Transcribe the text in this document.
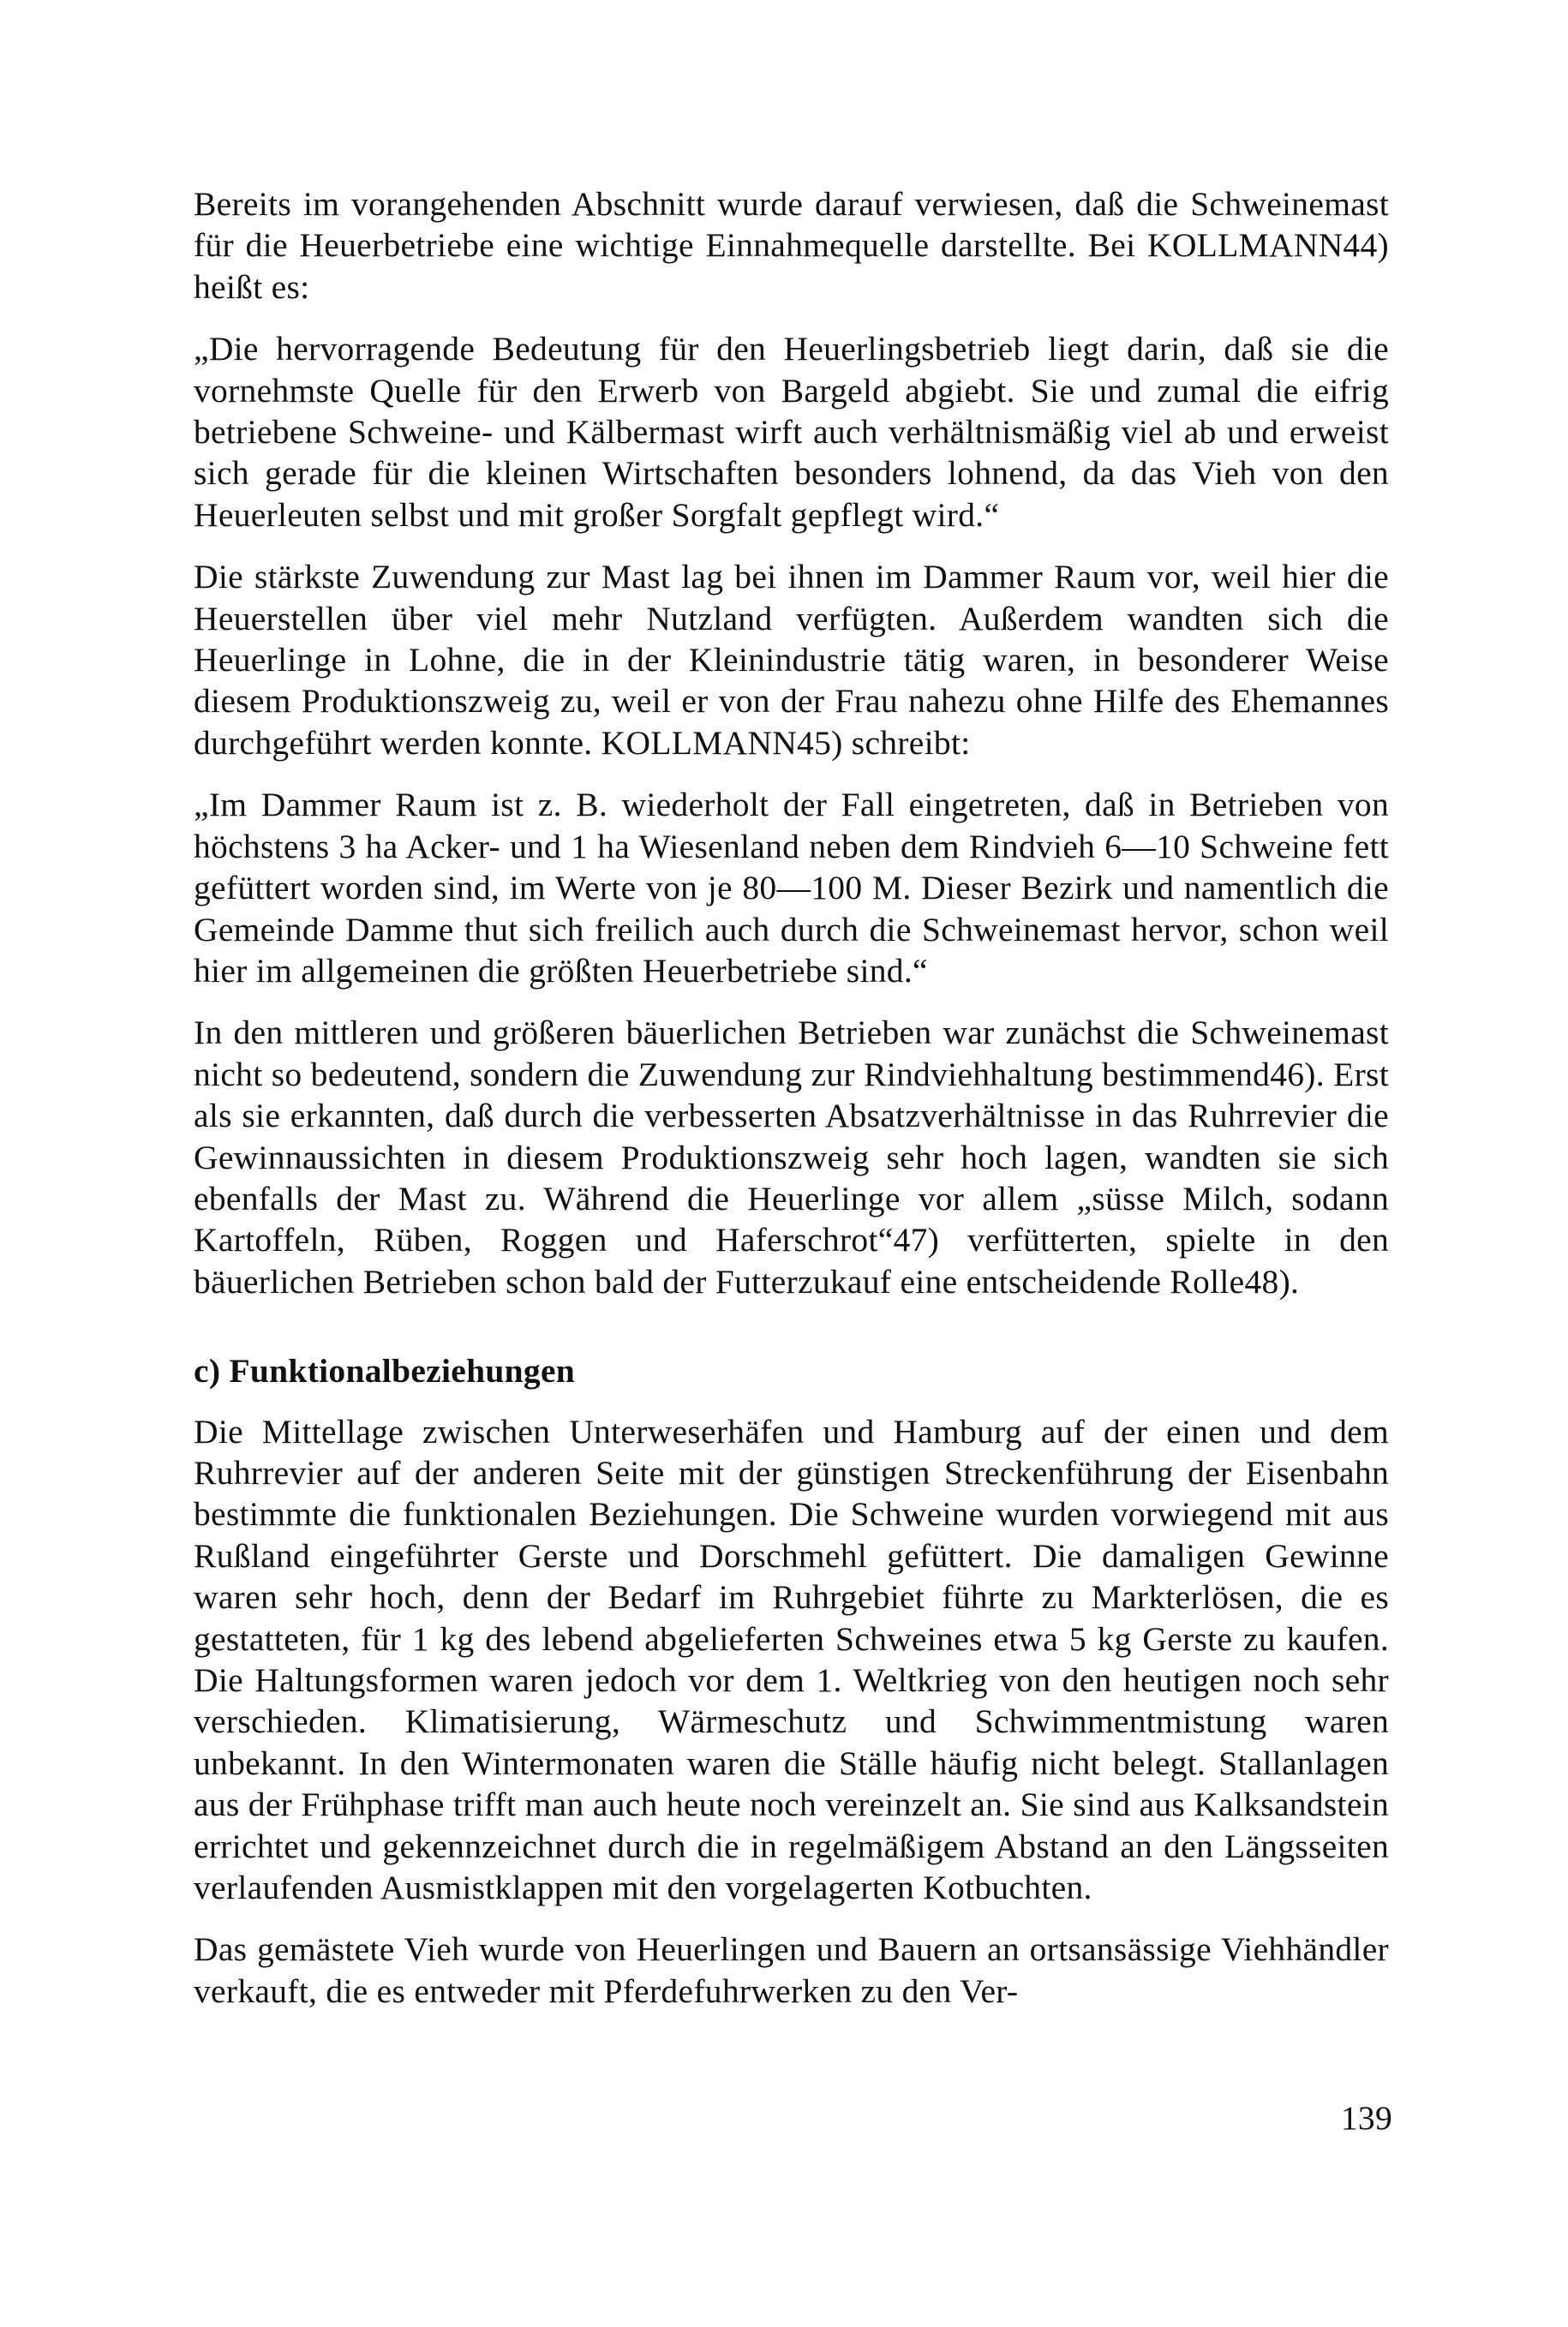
Bereits im vorangehenden Abschnitt wurde darauf verwiesen, daß die Schweinemast für die Heuerbetriebe eine wichtige Einnahmequelle darstellte. Bei KOLLMANN44) heißt es:

„Die hervorragende Bedeutung für den Heuerlingsbetrieb liegt darin, daß sie die vornehmste Quelle für den Erwerb von Bargeld abgiebt. Sie und zumal die eifrig betriebene Schweine- und Kälbermast wirft auch verhältnismäßig viel ab und erweist sich gerade für die kleinen Wirtschaften besonders lohnend, da das Vieh von den Heuerleuten selbst und mit großer Sorgfalt gepflegt wird.“

Die stärkste Zuwendung zur Mast lag bei ihnen im Dammer Raum vor, weil hier die Heuerstellen über viel mehr Nutzland verfügten. Außerdem wandten sich die Heuerlinge in Lohne, die in der Kleinindustrie tätig waren, in besonderer Weise diesem Produktionszweig zu, weil er von der Frau nahezu ohne Hilfe des Ehemannes durchgeführt werden konnte. KOLLMANN45) schreibt:

„Im Dammer Raum ist z. B. wiederholt der Fall eingetreten, daß in Betrieben von höchstens 3 ha Acker- und 1 ha Wiesenland neben dem Rindvieh 6—10 Schweine fett gefüttert worden sind, im Werte von je 80—100 M. Dieser Bezirk und namentlich die Gemeinde Damme thut sich freilich auch durch die Schweinemast hervor, schon weil hier im allgemeinen die größten Heuerbetriebe sind.“

In den mittleren und größeren bäuerlichen Betrieben war zunächst die Schweinemast nicht so bedeutend, sondern die Zuwendung zur Rindviehhaltung bestimmend46). Erst als sie erkannten, daß durch die verbesserten Absatzverhältnisse in das Ruhrrevier die Gewinnaussichten in diesem Produktionszweig sehr hoch lagen, wandten sie sich ebenfalls der Mast zu. Während die Heuerlinge vor allem „süsse Milch, sodann Kartoffeln, Rüben, Roggen und Haferschrot“47) verfütterten, spielte in den bäuerlichen Betrieben schon bald der Futterzukauf eine entscheidende Rolle48).

c) Funktionalbeziehungen

Die Mittellage zwischen Unterweserhäfen und Hamburg auf der einen und dem Ruhrrevier auf der anderen Seite mit der günstigen Streckenführung der Eisenbahn bestimmte die funktionalen Beziehungen. Die Schweine wurden vorwiegend mit aus Rußland eingeführter Gerste und Dorschmehl gefüttert. Die damaligen Gewinne waren sehr hoch, denn der Bedarf im Ruhrgebiet führte zu Markterlösen, die es gestatteten, für 1 kg des lebend abgelieferten Schweines etwa 5 kg Gerste zu kaufen. Die Haltungsformen waren jedoch vor dem 1. Weltkrieg von den heutigen noch sehr verschieden. Klimatisierung, Wärmeschutz und Schwimmentmistung waren unbekannt. In den Wintermonaten waren die Ställe häufig nicht belegt. Stallanlagen aus der Frühphase trifft man auch heute noch vereinzelt an. Sie sind aus Kalksandstein errichtet und gekennzeichnet durch die in regelmäßigem Abstand an den Längsseiten verlaufenden Ausmistklappen mit den vorgelagerten Kotbuchten.

Das gemästete Vieh wurde von Heuerlingen und Bauern an ortsansässige Viehhändler verkauft, die es entweder mit Pferdefuhrwerken zu den Ver-

139
